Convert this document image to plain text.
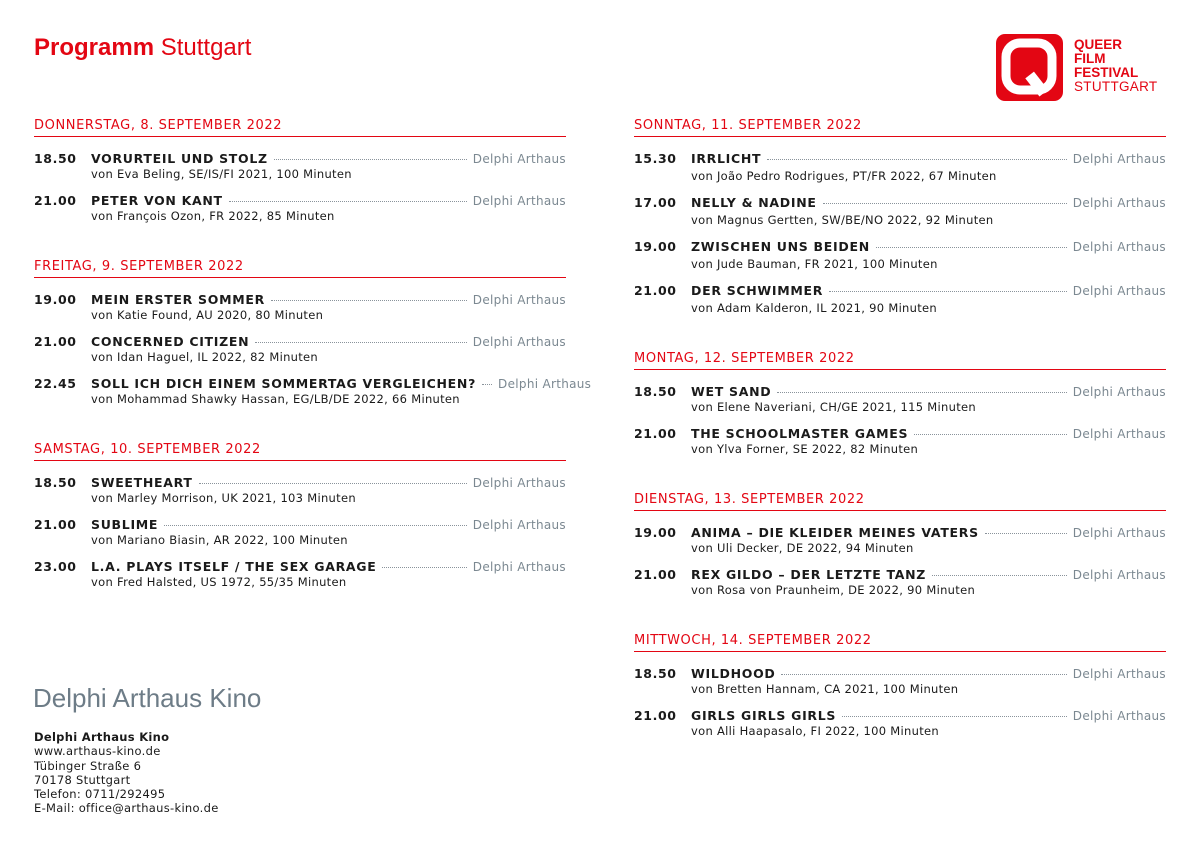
Programm Stuttgart	QUEER
FILM
FESTIVAL
STUTTGART
DONNERSTAG, 8. SEPTEMBER 2022
18.50 VORURTEIL UND STOLZ	Delphi Arthaus
von Eva Beling, SE/IS/FI 2021, 100 Minuten
21.00 PETER VON KANT	Delphi Arthaus
von François Ozon, FR 2022, 85 Minuten
FREITAG, 9. SEPTEMBER 2022
19.00 MEIN ERSTER SOMMER	Delphi Arthaus
von Katie Found, AU 2020, 80 Minuten
21.00 CONCERNED CITIZEN	Delphi Arthaus
von Idan Haguel, IL 2022, 82 Minuten
22.45 SOLL ICH DICH EINEM SOMMERTAG VERGLEICHEN? Delphi Arthaus
von Mohammad Shawky Hassan, EG/LB/DE 2022, 66 Minuten
SAMSTAG, 10. SEPTEMBER 2022
18.50 SWEETHEART	Delphi Arthaus
von Marley Morrison, UK 2021, 103 Minuten
21.00 SUBLIME	Delphi Arthaus
von Mariano Biasin, AR 2022, 100 Minuten
23.00 L.A. PLAYS ITSELF / THE SEX GARAGE	Delphi Arthaus
von Fred Halsted, US 1972, 55/35 Minuten
SONNTAG, 11. SEPTEMBER 2022
15.30 IRRLICHT	Delphi Arthaus
von João Pedro Rodrigues, PT/FR 2022, 67 Minuten
17.00 NELLY & NADINE	Delphi Arthaus
von Magnus Gertten, SW/BE/NO 2022, 92 Minuten
19.00 ZWISCHEN UNS BEIDEN	Delphi Arthaus
von Jude Bauman, FR 2021, 100 Minuten
21.00 DER SCHWIMMER	Delphi Arthaus
von Adam Kalderon, IL 2021, 90 Minuten
MONTAG, 12. SEPTEMBER 2022
18.50 WET SAND	Delphi Arthaus
von Elene Naveriani, CH/GE 2021, 115 Minuten
21.00 THE SCHOOLMASTER GAMES	Delphi Arthaus
von Ylva Forner, SE 2022, 82 Minuten
DIENSTAG, 13. SEPTEMBER 2022
19.00 ANIMA – DIE KLEIDER MEINES VATERS	Delphi Arthaus
von Uli Decker, DE 2022, 94 Minuten
21.00 REX GILDO – DER LETZTE TANZ	Delphi Arthaus
von Rosa von Praunheim, DE 2022, 90 Minuten
MITTWOCH, 14. SEPTEMBER 2022
18.50 WILDHOOD	Delphi Arthaus
von Bretten Hannam, CA 2021, 100 Minuten
21.00 GIRLS GIRLS GIRLS	Delphi Arthaus
von Alli Haapasalo, FI 2022, 100 Minuten
Delphi Arthaus Kino
Delphi Arthaus Kino
www.arthaus-kino.de
Tübinger Straße 6
70178 Stuttgart
Telefon: 0711/292495
E-Mail: office@arthaus-kino.de
